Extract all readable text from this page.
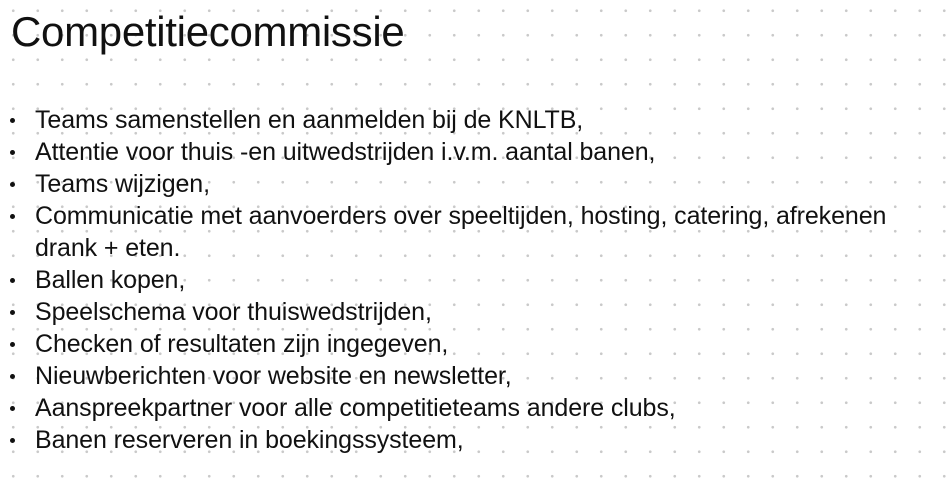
Competitiecommissie
Teams samenstellen en aanmelden bij de KNLTB,
Attentie voor thuis -en uitwedstrijden i.v.m. aantal banen,
Teams wijzigen,
Communicatie met aanvoerders over speeltijden, hosting, catering, afrekenen drank + eten.
Ballen kopen,
Speelschema voor thuiswedstrijden,
Checken of resultaten zijn ingegeven,
Nieuwberichten voor website en newsletter,
Aanspreekpartner voor alle competitieteams andere clubs,
Banen reserveren in boekingssysteem,
